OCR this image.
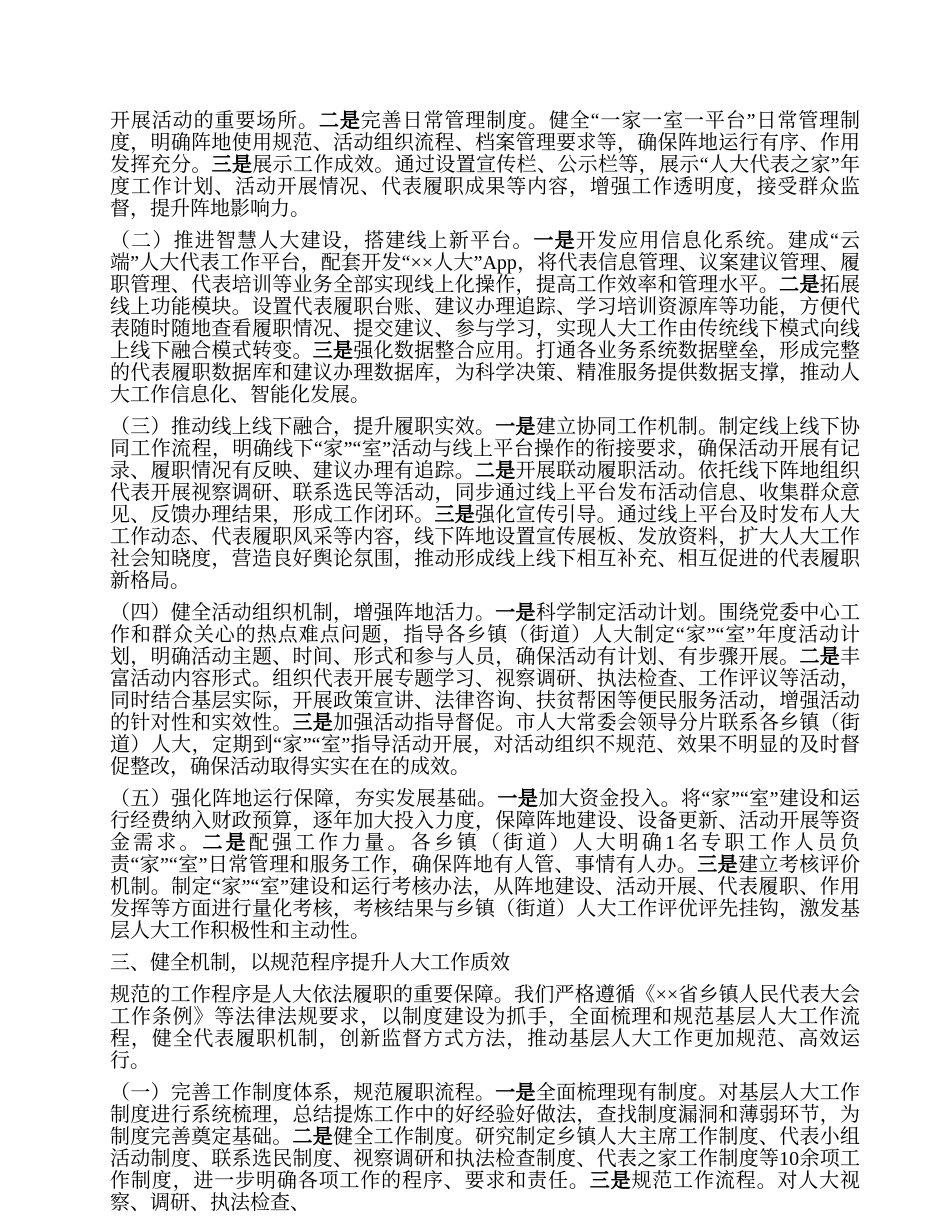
开展活动的重要场所。二是完善日常管理制度。健全“一家一室一平台”日常管理制度，明确阵地使用规范、活动组织流程、档案管理要求等，确保阵地运行有序、作用发挥充分。三是展示工作成效。通过设置宣传栏、公示栏等，展示“人大代表之家”年度工作计划、活动开展情况、代表履职成果等内容，增强工作透明度，接受群众监督，提升阵地影响力。

（二）推进智慧人大建设，搭建线上新平台。一是开发应用信息化系统。建成“云端”人大代表工作平台，配套开发“××人大”App，将代表信息管理、议案建议管理、履职管理、代表培训等业务全部实现线上化操作，提高工作效率和管理水平。二是拓展线上功能模块。设置代表履职台账、建议办理追踪、学习培训资源库等功能，方便代表随时随地查看履职情况、提交建议、参与学习，实现人大工作由传统线下模式向线上线下融合模式转变。三是强化数据整合应用。打通各业务系统数据壁垒，形成完整的代表履职数据库和建议办理数据库，为科学决策、精准服务提供数据支撑，推动人大工作信息化、智能化发展。

（三）推动线上线下融合，提升履职实效。一是建立协同工作机制。制定线上线下协同工作流程，明确线下“家”“室”活动与线上平台操作的衔接要求，确保活动开展有记录、履职情况有反映、建议办理有追踪。二是开展联动履职活动。依托线下阵地组织代表开展视察调研、联系选民等活动，同步通过线上平台发布活动信息、收集群众意见、反馈办理结果，形成工作闭环。三是强化宣传引导。通过线上平台及时发布人大工作动态、代表履职风采等内容，线下阵地设置宣传展板、发放资料，扩大人大工作社会知晓度，营造良好舆论氛围，推动形成线上线下相互补充、相互促进的代表履职新格局。

（四）健全活动组织机制，增强阵地活力。一是科学制定活动计划。围绕党委中心工作和群众关心的热点难点问题，指导各乡镇（街道）人大制定“家”“室”年度活动计划，明确活动主题、时间、形式和参与人员，确保活动有计划、有步骤开展。二是丰富活动内容形式。组织代表开展专题学习、视察调研、执法检查、工作评议等活动，同时结合基层实际，开展政策宣讲、法律咨询、扶贫帮困等便民服务活动，增强活动的针对性和实效性。三是加强活动指导督促。市人大常委会领导分片联系各乡镇（街道）人大，定期到“家”“室”指导活动开展，对活动组织不规范、效果不明显的及时督促整改，确保活动取得实实在在的成效。

（五）强化阵地运行保障，夯实发展基础。一是加大资金投入。将“家”“室”建设和运行经费纳入财政预算，逐年加大投入力度，保障阵地建设、设备更新、活动开展等资金需求。二是配强工作力量。各乡镇（街道）人大明确1名专职工作人员负责“家”“室”日常管理和服务工作，确保阵地有人管、事情有人办。三是建立考核评价机制。制定“家”“室”建设和运行考核办法，从阵地建设、活动开展、代表履职、作用发挥等方面进行量化考核，考核结果与乡镇（街道）人大工作评优评先挂钩，激发基层人大工作积极性和主动性。

三、健全机制，以规范程序提升人大工作质效

规范的工作程序是人大依法履职的重要保障。我们严格遵循《××省乡镇人民代表大会工作条例》等法律法规要求，以制度建设为抓手，全面梳理和规范基层人大工作流程，健全代表履职机制，创新监督方式方法，推动基层人大工作更加规范、高效运行。

（一）完善工作制度体系，规范履职流程。一是全面梳理现有制度。对基层人大工作制度进行系统梳理，总结提炼工作中的好经验好做法，查找制度漏洞和薄弱环节，为制度完善奠定基础。二是健全工作制度。研究制定乡镇人大主席工作制度、代表小组活动制度、联系选民制度、视察调研和执法检查制度、代表之家工作制度等10余项工作制度，进一步明确各项工作的程序、要求和责任。三是规范工作流程。对人大视察、调研、执法检查、
